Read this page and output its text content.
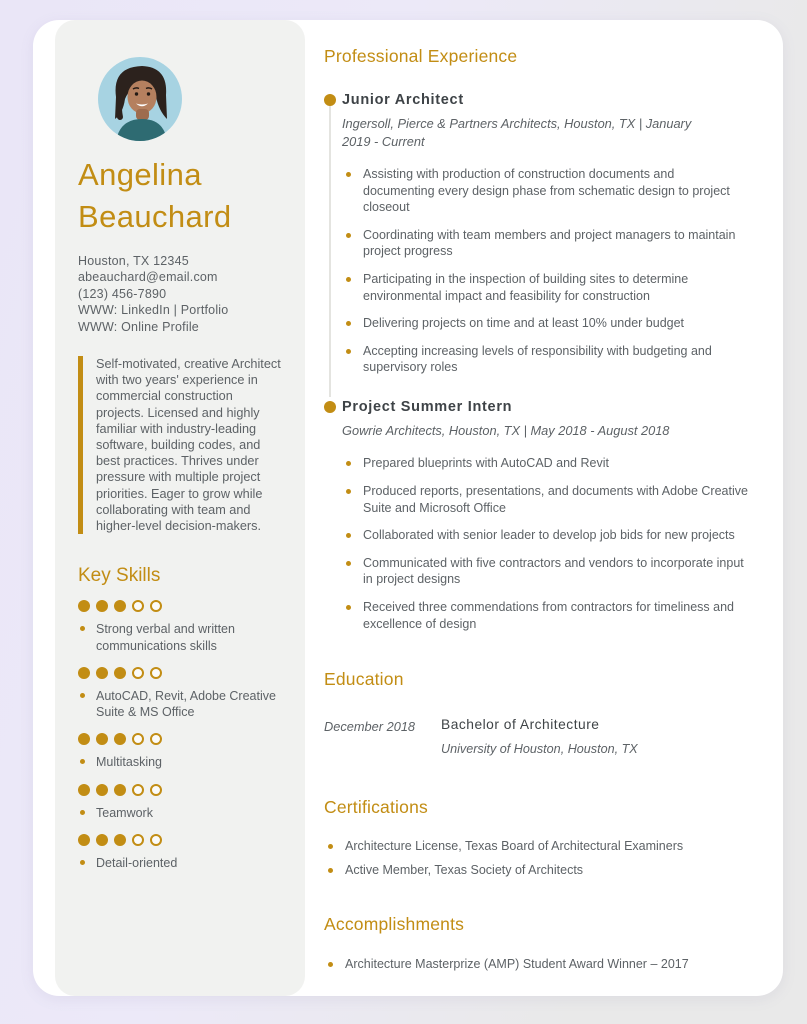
Angelina
Beauchard
Houston, TX 12345
abeauchard@email.com
(123) 456-7890
WWW: LinkedIn | Portfolio
WWW: Online Profile
Self-motivated, creative Architect with two years' experience in commercial construction projects. Licensed and highly familiar with industry-leading software, building codes, and best practices. Thrives under pressure with multiple project priorities. Eager to grow while collaborating with team and higher-level decision-makers.
Key Skills
Strong verbal and written communications skills
AutoCAD, Revit, Adobe Creative Suite & MS Office
Multitasking
Teamwork
Detail-oriented
Professional Experience
Junior Architect

Ingersoll, Pierce & Partners Architects, Houston, TX | January 2019 - Current

Assisting with production of construction documents and documenting every design phase from schematic design to project closeout
Coordinating with team members and project managers to maintain project progress
Participating in the inspection of building sites to determine environmental impact and feasibility for construction
Delivering projects on time and at least 10% under budget
Accepting increasing levels of responsibility with budgeting and supervisory roles
Project Summer Intern

Gowrie Architects, Houston, TX | May 2018 - August 2018

Prepared blueprints with AutoCAD and Revit
Produced reports, presentations, and documents with Adobe Creative Suite and Microsoft Office
Collaborated with senior leader to develop job bids for new projects
Communicated with five contractors and vendors to incorporate input in project designs
Received three commendations from contractors for timeliness and excellence of design
Education
December 2018	Bachelor of Architecture
University of Houston, Houston, TX
Certifications
Architecture License, Texas Board of Architectural Examiners
Active Member, Texas Society of Architects
Accomplishments
Architecture Masterprize (AMP) Student Award Winner – 2017
